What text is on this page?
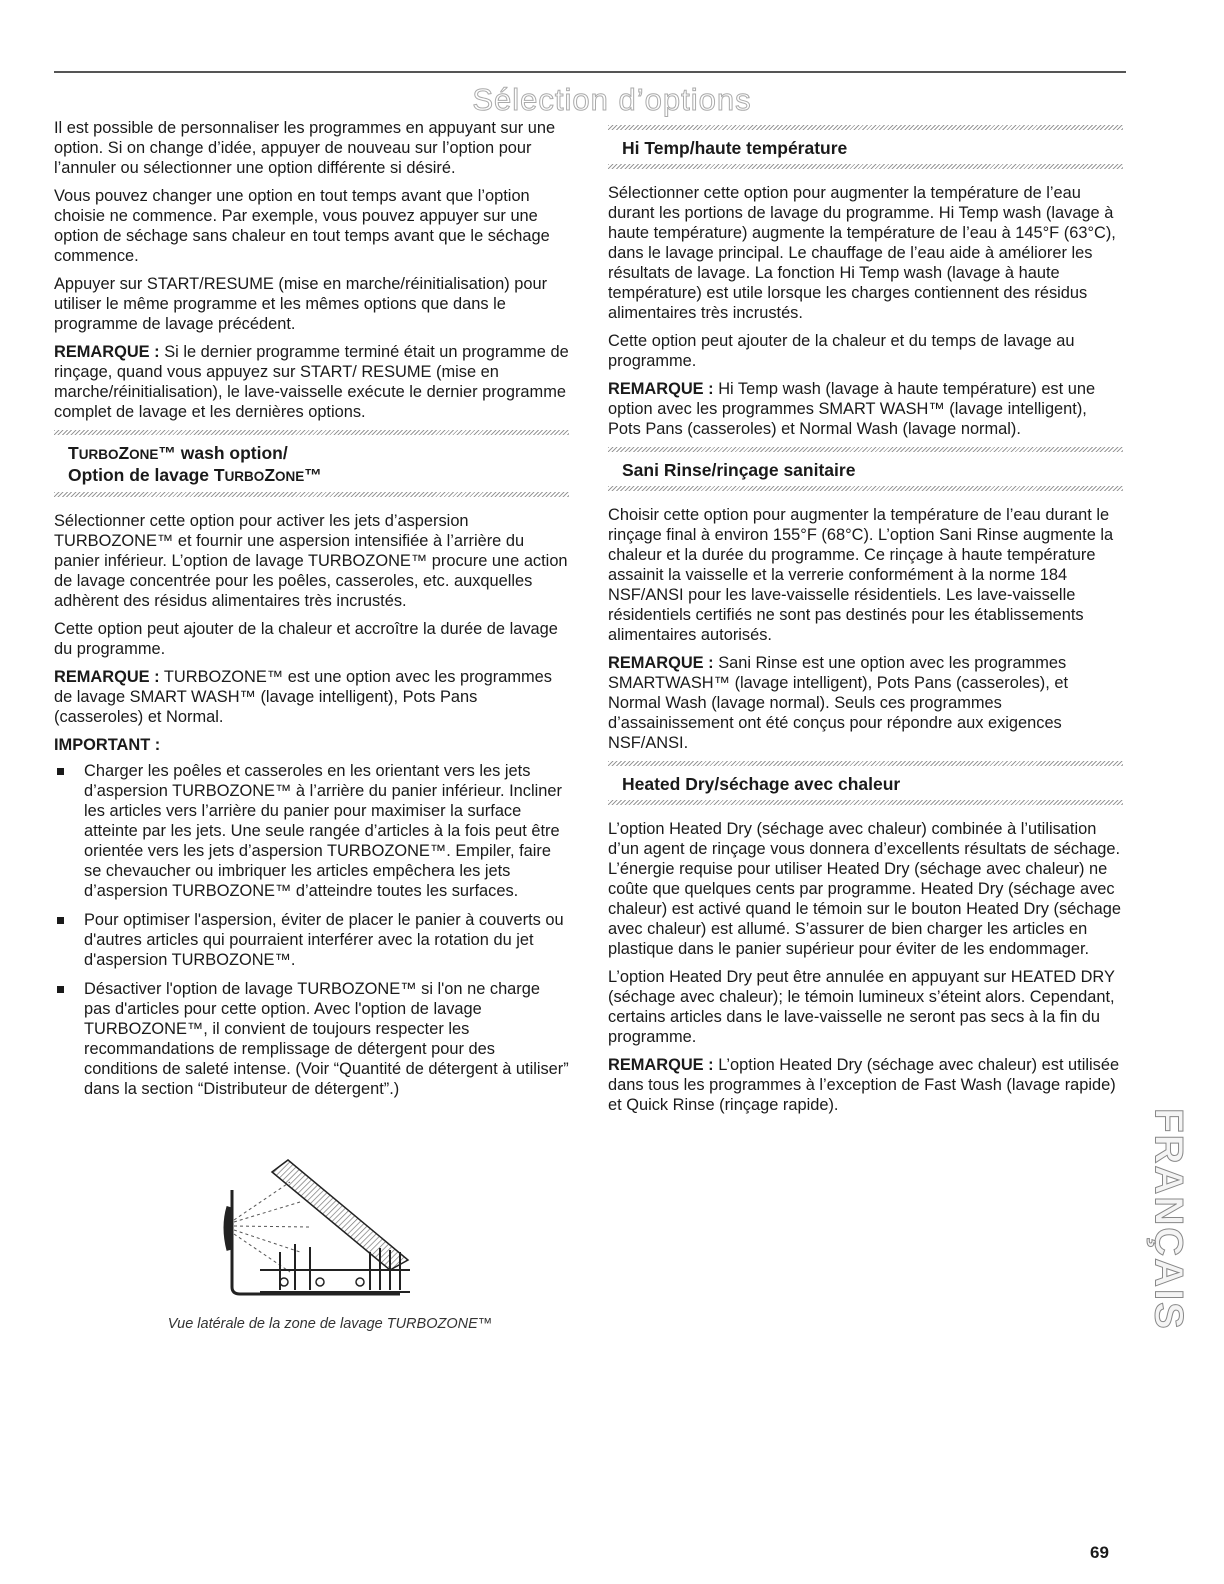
Sélection d’options

Il est possible de personnaliser les programmes en appuyant sur une option. Si on change d’idée, appuyer de nouveau sur l’option pour l’annuler ou sélectionner une option différente si désiré.

Vous pouvez changer une option en tout temps avant que l’option choisie ne commence. Par exemple, vous pouvez appuyer sur une option de séchage sans chaleur en tout temps avant que le séchage commence.

Appuyer sur START/RESUME (mise en marche/réinitialisation) pour utiliser le même programme et les mêmes options que dans le programme de lavage précédent.

REMARQUE : Si le dernier programme terminé était un programme de rinçage, quand vous appuyez sur START/ RESUME (mise en marche/réinitialisation), le lave-vaisselle exécute le dernier programme complet de lavage et les dernières options.

TURBOZONE™ wash option/
Option de lavage TURBOZONE™

Sélectionner cette option pour activer les jets d’aspersion TURBOZONE™ et fournir une aspersion intensifiée à l’arrière du panier inférieur. L’option de lavage TURBOZONE™ procure une action de lavage concentrée pour les poêles, casseroles, etc. auxquelles adhèrent des résidus alimentaires très incrustés.

Cette option peut ajouter de la chaleur et accroître la durée de lavage du programme.

REMARQUE : TURBOZONE™ est une option avec les programmes de lavage SMART WASH™ (lavage intelligent), Pots Pans (casseroles) et Normal.

IMPORTANT :
Charger les poêles et casseroles en les orientant vers les jets d’aspersion TURBOZONE™ à l’arrière du panier inférieur. Incliner les articles vers l’arrière du panier pour maximiser la surface atteinte par les jets. Une seule rangée d’articles à la fois peut être orientée vers les jets d’aspersion TURBOZONE™. Empiler, faire se chevaucher ou imbriquer les articles empêchera les jets d’aspersion TURBOZONE™ d’atteindre toutes les surfaces.
Pour optimiser l'aspersion, éviter de placer le panier à couverts ou d'autres articles qui pourraient interférer avec la rotation du jet d'aspersion TURBOZONE™.
Désactiver l'option de lavage TURBOZONE™ si l'on ne charge pas d'articles pour cette option. Avec l'option de lavage TURBOZONE™, il convient de toujours respecter les recommandations de remplissage de détergent pour des conditions de saleté intense. (Voir “Quantité de détergent à utiliser” dans la section “Distributeur de détergent”.)
Vue latérale de la zone de lavage TURBOZONE™
Hi Temp/haute température

Sélectionner cette option pour augmenter la température de l’eau durant les portions de lavage du programme. Hi Temp wash (lavage à haute température) augmente la température de l’eau à 145°F (63°C), dans le lavage principal. Le chauffage de l’eau aide à améliorer les résultats de lavage. La fonction Hi Temp wash (lavage à haute température) est utile lorsque les charges contiennent des résidus alimentaires très incrustés.

Cette option peut ajouter de la chaleur et du temps de lavage au programme.

REMARQUE : Hi Temp wash (lavage à haute température) est une option avec les programmes SMART WASH™ (lavage intelligent), Pots Pans (casseroles) et Normal Wash (lavage normal).

Sani Rinse/rinçage sanitaire

Choisir cette option pour augmenter la température de l’eau durant le rinçage final à environ 155°F (68°C). L’option Sani Rinse augmente la chaleur et la durée du programme. Ce rinçage à haute température assainit la vaisselle et la verrerie conformément à la norme 184 NSF/ANSI pour les lave-vaisselle résidentiels. Les lave-vaisselle résidentiels certifiés ne sont pas destinés pour les établissements alimentaires autorisés.

REMARQUE : Sani Rinse est une option avec les programmes SMARTWASH™ (lavage intelligent), Pots Pans (casseroles), et Normal Wash (lavage normal). Seuls ces programmes d’assainissement ont été conçus pour répondre aux exigences NSF/ANSI.

Heated Dry/séchage avec chaleur

L’option Heated Dry (séchage avec chaleur) combinée à l’utilisation d’un agent de rinçage vous donnera d’excellents résultats de séchage. L’énergie requise pour utiliser Heated Dry (séchage avec chaleur) ne coûte que quelques cents par programme. Heated Dry (séchage avec chaleur) est activé quand le témoin sur le bouton Heated Dry (séchage avec chaleur) est allumé. S’assurer de bien charger les articles en plastique dans le panier supérieur pour éviter de les endommager.

L’option Heated Dry peut être annulée en appuyant sur HEATED DRY (séchage avec chaleur); le témoin lumineux s’éteint alors. Cependant, certains articles dans le lave-vaisselle ne seront pas secs à la fin du programme.

REMARQUE : L’option Heated Dry (séchage avec chaleur) est utilisée dans tous les programmes à l’exception de Fast Wash (lavage rapide) et Quick Rinse (rinçage rapide).

FRANÇAIS
69
